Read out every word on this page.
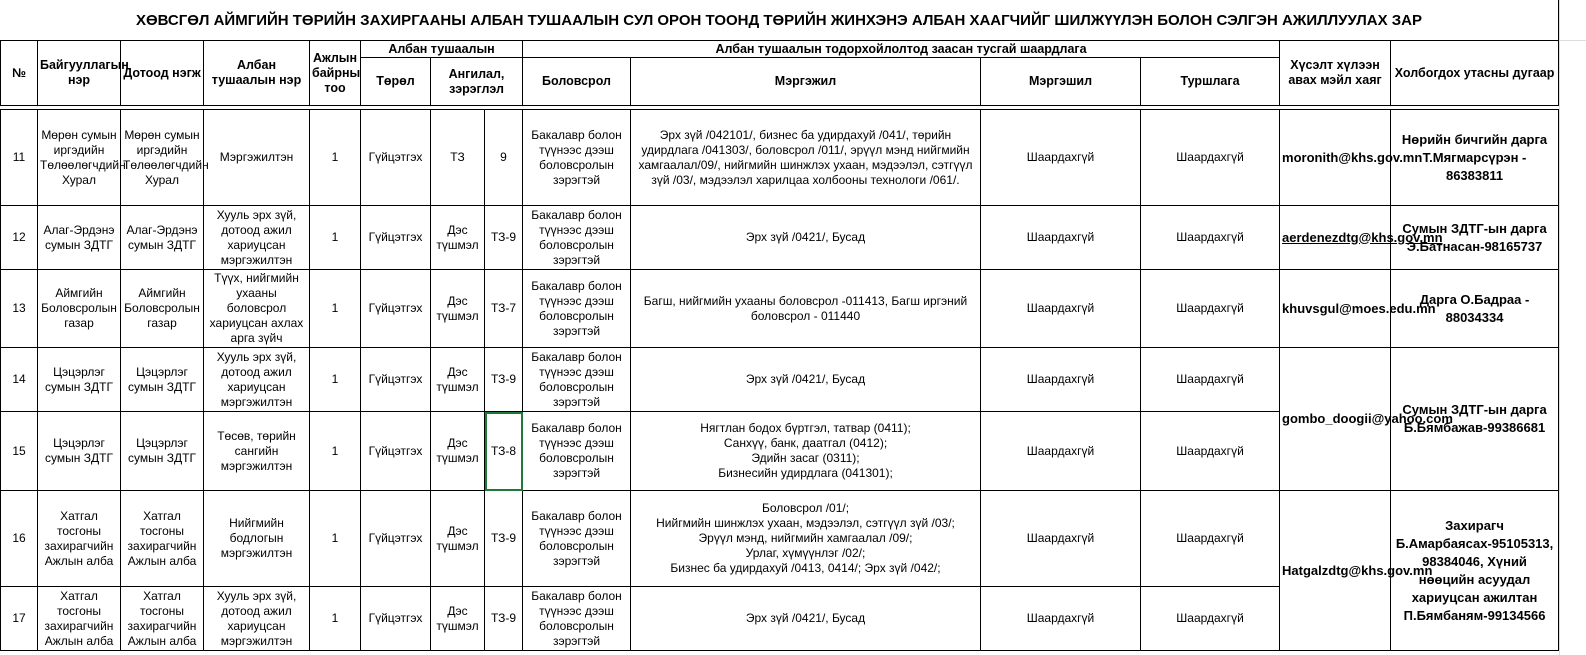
ХӨВСГӨЛ АЙМГИЙН ТӨРИЙН ЗАХИРГААНЫ АЛБАН ТУШААЛЫН СУЛ ОРОН ТООНД ТӨРИЙН ЖИНХЭНЭ АЛБАН ХААГЧИЙГ ШИЛЖҮҮЛЭН БОЛОН СЭЛГЭН АЖИЛЛУУЛАХ ЗАР
№	Байгууллагын нэр	Дотоод нэгж	Албан тушаалын нэр	Ажлын байрны тоо	Албан тушаалын			Албан тушаалын тодорхойлолтод заасан тусгай шаардлага				Хүсэлт хүлээн авах мэйл хаяг	Холбогдох утасны дугаар
					Төрөл	Ангилал, зэрэглэл		Боловсрол	Мэргэжил	Мэргэшил	Туршлага		

11	Мөрөн сумын иргэдийн Төлөөлөгчдийн Хурал	Мөрөн сумын иргэдийн Төлөөлөгчдийн Хурал	Мэргэжилтэн	1	Гүйцэтгэх	ТЗ	9	Бакалавр болон түүнээс дээш боловсролын зэрэгтэй	Эрх зүй /042101/, бизнес ба удирдахуй /041/, төрийн удирдлага /041303/, боловсрол /011/, эрүүл мэнд нийгмийн хамгаалал/09/, нийгмийн шинжлэх ухаан, мэдээлэл, сэтгүүл зүй /03/, мэдээлэл харилцаа холбооны технологи /061/.	Шаардахгүй	Шаардахгүй	moronith@khs.gov.mn	Нөрийн бичгийн дарга Т.Мягмарсүрэн - 86383811
12	Алаг-Эрдэнэ сумын ЗДТГ	Алаг-Эрдэнэ сумын ЗДТГ	Хууль эрх зүй, дотоод ажил хариуцсан мэргэжилтэн	1	Гүйцэтгэх	Дэс түшмэл	ТЗ-9	Бакалавр болон түүнээс дээш боловсролын зэрэгтэй	Эрх зүй /0421/, Бусад	Шаардахгүй	Шаардахгүй	aerdenezdtg@khs.gov.mn	Сумын ЗДТГ-ын дарга Э.Батнасан-98165737
13	Аймгийн Боловсролын газар	Аймгийн Боловсролын газар	Түүх, нийгмийн ухааны боловсрол хариуцсан ахлах арга зүйч	1	Гүйцэтгэх	Дэс түшмэл	ТЗ-7	Бакалавр болон түүнээс дээш боловсролын зэрэгтэй	Багш, нийгмийн ухааны боловсрол -011413, Багш иргэний боловсрол - 011440	Шаардахгүй	Шаардахгүй	khuvsgul@moes.edu.mn	Дарга О.Бадраа - 88034334
14	Цэцэрлэг сумын ЗДТГ	Цэцэрлэг сумын ЗДТГ	Хууль эрх зүй, дотоод ажил хариуцсан мэргэжилтэн	1	Гүйцэтгэх	Дэс түшмэл	ТЗ-9	Бакалавр болон түүнээс дээш боловсролын зэрэгтэй	Эрх зүй /0421/, Бусад	Шаардахгүй	Шаардахгүй	gombo_doogii@yahoo.com	Сумын ЗДТГ-ын дарга Б.Бямбажав-99386681
15	Цэцэрлэг сумын ЗДТГ	Цэцэрлэг сумын ЗДТГ	Төсөв, төрийн сангийн мэргэжилтэн	1	Гүйцэтгэх	Дэс түшмэл	ТЗ-8	Бакалавр болон түүнээс дээш боловсролын зэрэгтэй	Нягтлан бодох бүртгэл, татвар (0411);
Санхүү, банк, даатгал (0412);
Эдийн засаг (0311);
Бизнесийн удирдлага (041301);	Шаардахгүй	Шаардахгүй		
16	Хатгал тосгоны захирагчийн Ажлын алба	Хатгал тосгоны захирагчийн Ажлын алба	Нийгмийн бодлогын мэргэжилтэн	1	Гүйцэтгэх	Дэс түшмэл	ТЗ-9	Бакалавр болон түүнээс дээш боловсролын зэрэгтэй	Боловсрол /01/;
Нийгмийн шинжлэх ухаан, мэдээлэл, сэтгүүл зүй /03/;
Эрүүл мэнд, нийгмийн хамгаалал /09/;
Урлаг, хүмүүнлэг /02/;
Бизнес ба удирдахуй /0413, 0414/; Эрх зүй /042/;	Шаардахгүй	Шаардахгүй	Hatgalzdtg@khs.gov.mn	Захирагч Б.Амарбаясах-95105313, 98384046, Хүний нөөцийн асуудал хариуцсан ажилтан П.Бямбаням-99134566
17	Хатгал тосгоны захирагчийн Ажлын алба	Хатгал тосгоны захирагчийн Ажлын алба	Хууль эрх зүй, дотоод ажил хариуцсан мэргэжилтэн	1	Гүйцэтгэх	Дэс түшмэл	ТЗ-9	Бакалавр болон түүнээс дээш боловсролын зэрэгтэй	Эрх зүй /0421/, Бусад	Шаардахгүй	Шаардахгүй		
